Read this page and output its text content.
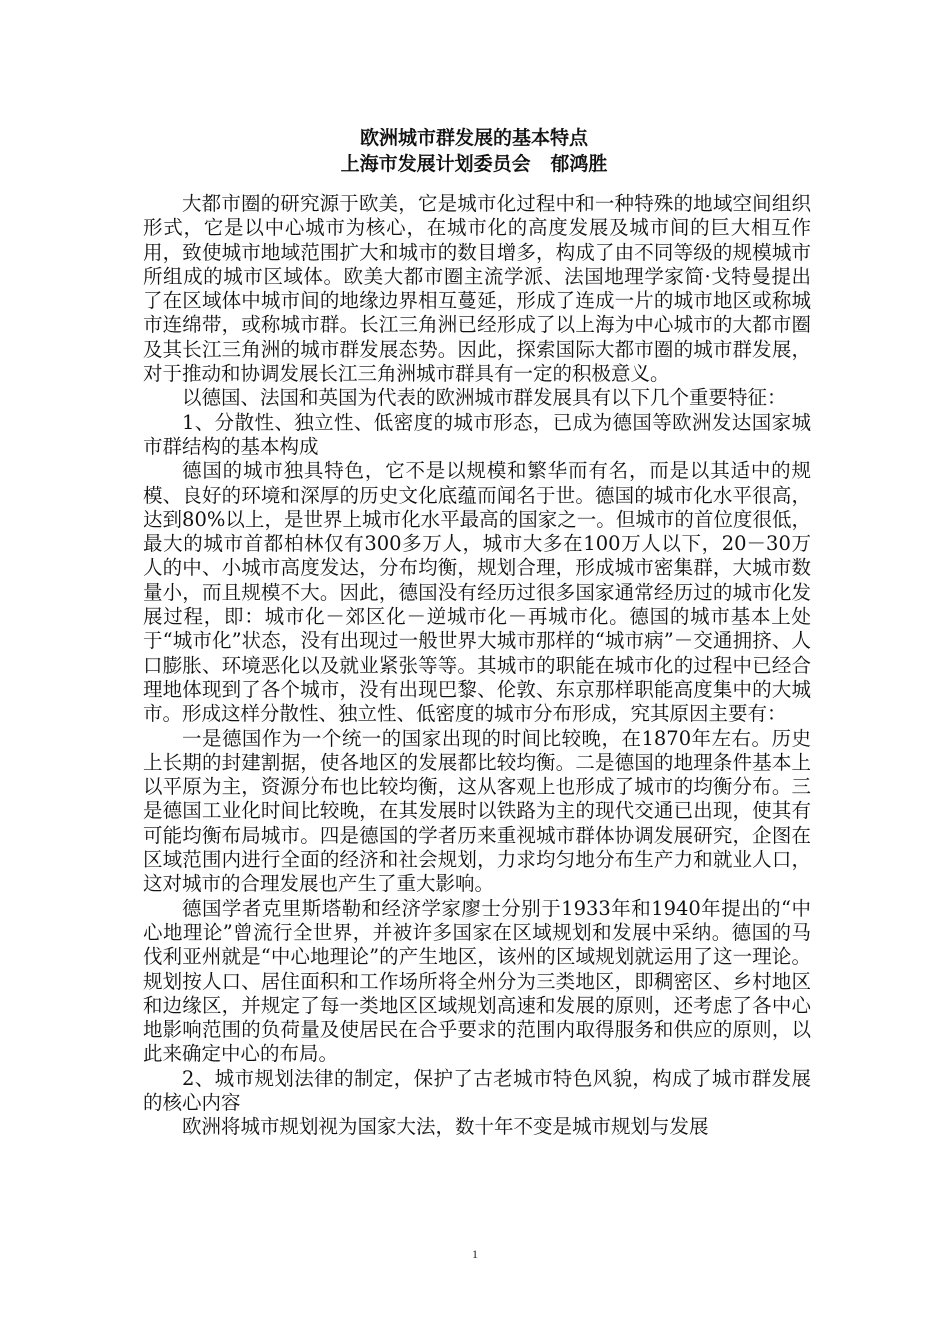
欧洲城市群发展的基本特点

上海市发展计划委员会   郁鸿胜

大都市圈的研究源于欧美，它是城市化过程中和一种特殊的地域空间组织形式，它是以中心城市为核心，在城市化的高度发展及城市间的巨大相互作用，致使城市地域范围扩大和城市的数目增多，构成了由不同等级的规模城市所组成的城市区域体。欧美大都市圈主流学派、法国地理学家简·戈特曼提出了在区域体中城市间的地缘边界相互蔓延，形成了连成一片的城市地区或称城市连绵带，或称城市群。长江三角洲已经形成了以上海为中心城市的大都市圈及其长江三角洲的城市群发展态势。因此，探索国际大都市圈的城市群发展，对于推动和协调发展长江三角洲城市群具有一定的积极意义。

以德国、法国和英国为代表的欧洲城市群发展具有以下几个重要特征：

1、分散性、独立性、低密度的城市形态，已成为德国等欧洲发达国家城市群结构的基本构成

德国的城市独具特色，它不是以规模和繁华而有名，而是以其适中的规模、良好的环境和深厚的历史文化底蕴而闻名于世。德国的城市化水平很高，达到80%以上，是世界上城市化水平最高的国家之一。但城市的首位度很低，最大的城市首都柏林仅有300多万人，城市大多在100万人以下，20－30万人的中、小城市高度发达，分布均衡，规划合理，形成城市密集群，大城市数量小，而且规模不大。因此，德国没有经历过很多国家通常经历过的城市化发展过程，即：城市化－郊区化－逆城市化－再城市化。德国的城市基本上处于“城市化”状态，没有出现过一般世界大城市那样的“城市病”－交通拥挤、人口膨胀、环境恶化以及就业紧张等等。其城市的职能在城市化的过程中已经合理地体现到了各个城市，没有出现巴黎、伦敦、东京那样职能高度集中的大城市。形成这样分散性、独立性、低密度的城市分布形成，究其原因主要有：

一是德国作为一个统一的国家出现的时间比较晚，在1870年左右。历史上长期的封建割据，使各地区的发展都比较均衡。二是德国的地理条件基本上以平原为主，资源分布也比较均衡，这从客观上也形成了城市的均衡分布。三是德国工业化时间比较晚，在其发展时以铁路为主的现代交通已出现，使其有可能均衡布局城市。四是德国的学者历来重视城市群体协调发展研究，企图在区域范围内进行全面的经济和社会规划，力求均匀地分布生产力和就业人口，这对城市的合理发展也产生了重大影响。

德国学者克里斯塔勒和经济学家廖士分别于1933年和1940年提出的“中心地理论”曾流行全世界，并被许多国家在区域规划和发展中采纳。德国的马伐利亚州就是“中心地理论”的产生地区，该州的区域规划就运用了这一理论。规划按人口、居住面积和工作场所将全州分为三类地区，即稠密区、乡村地区和边缘区，并规定了每一类地区区域规划高速和发展的原则，还考虑了各中心地影响范围的负荷量及使居民在合乎要求的范围内取得服务和供应的原则，以此来确定中心的布局。

2、城市规划法律的制定，保护了古老城市特色风貌，构成了城市群发展的核心内容

欧洲将城市规划视为国家大法，数十年不变是城市规划与发展

1
